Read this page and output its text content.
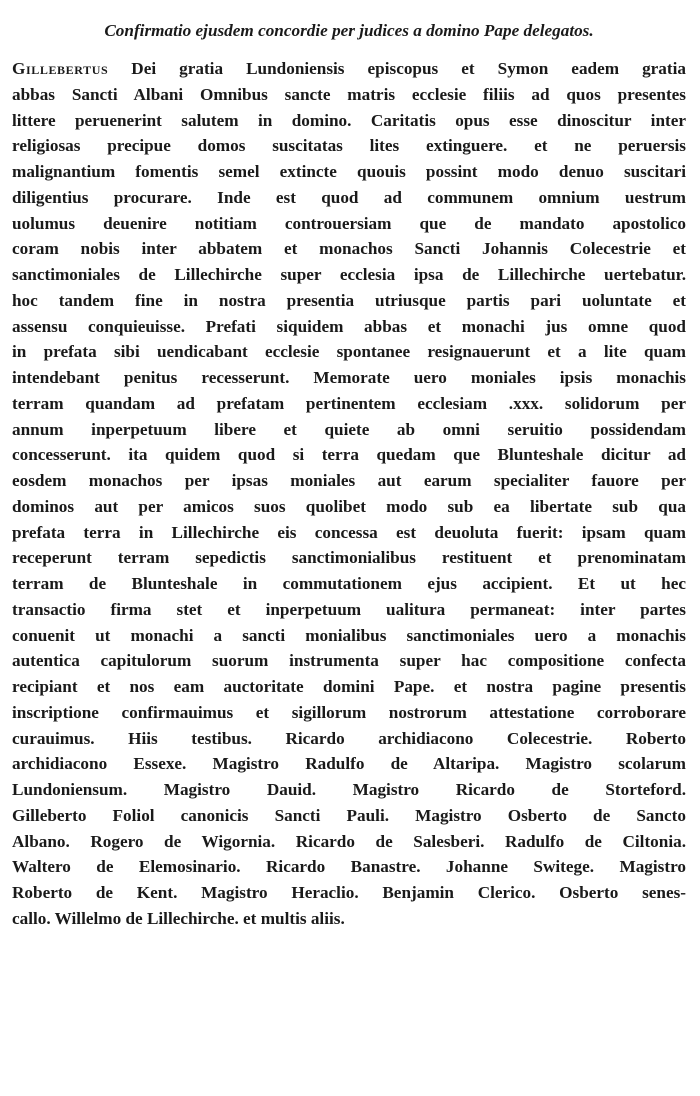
Confirmatio ejusdem concordie per judices a domino Pape delegatos.

Gillebertus Dei gratia Lundoniensis episcopus et Symon eadem gratia
abbas Sancti Albani Omnibus sancte matris ecclesie filiis ad quos presentes
littere peruenerint salutem in domino. Caritatis opus esse dinoscitur inter
religiosas precipue domos suscitatas lites extinguere. et ne peruersis
malignantium fomentis semel extincte quouis possint modo denuo suscitari
diligentius procurare. Inde est quod ad communem omnium uestrum
uolumus deuenire notitiam controuersiam que de mandato apostolico
coram nobis inter abbatem et monachos Sancti Johannis Colecestrie et
sanctimoniales de Lillechirche super ecclesia ipsa de Lillechirche uertebatur.
hoc tandem fine in nostra presentia utriusque partis pari uoluntate et
assensu conquieuisse. Prefati siquidem abbas et monachi jus omne quod
in prefata sibi uendicabant ecclesie spontanee resignauerunt et a lite quam
intendebant penitus recesserunt. Memorate uero moniales ipsis monachis
terram quandam ad prefatam pertinentem ecclesiam .xxx. solidorum per
annum inperpetuum libere et quiete ab omni seruitio possidendam
concesserunt. ita quidem quod si terra quedam que Blunteshale dicitur ad
eosdem monachos per ipsas moniales aut earum specialiter fauore per
dominos aut per amicos suos quolibet modo sub ea libertate sub qua
prefata terra in Lillechirche eis concessa est deuoluta fuerit: ipsam quam
receperunt terram sepedictis sanctimonialibus restituent et prenominatam
terram de Blunteshale in commutationem ejus accipient. Et ut hec
transactio firma stet et inperpetuum ualitura permaneat: inter partes
conuenit ut monachi a sancti monialibus sanctimoniales uero a monachis
autentica capitulorum suorum instrumenta super hac compositione confecta
recipiant et nos eam auctoritate domini Pape. et nostra pagine presentis
inscriptione confirmauimus et sigillorum nostrorum attestatione corroborare
curauimus. Hiis testibus. Ricardo archidiacono Colecestrie. Roberto
archidiacono Essexe. Magistro Radulfo de Altaripa. Magistro scolarum
Lundoniensum. Magistro Dauid. Magistro Ricardo de Storteford.
Gilleberto Foliol canonicis Sancti Pauli. Magistro Osberto de Sancto
Albano. Rogero de Wigornia. Ricardo de Salesberi. Radulfo de Ciltonia.
Waltero de Elemosinario. Ricardo Banastre. Johanne Switege. Magistro
Roberto de Kent. Magistro Heraclio. Benjamin Clerico. Osberto senes-
callo. Willelmo de Lillechirche. et multis aliis.
